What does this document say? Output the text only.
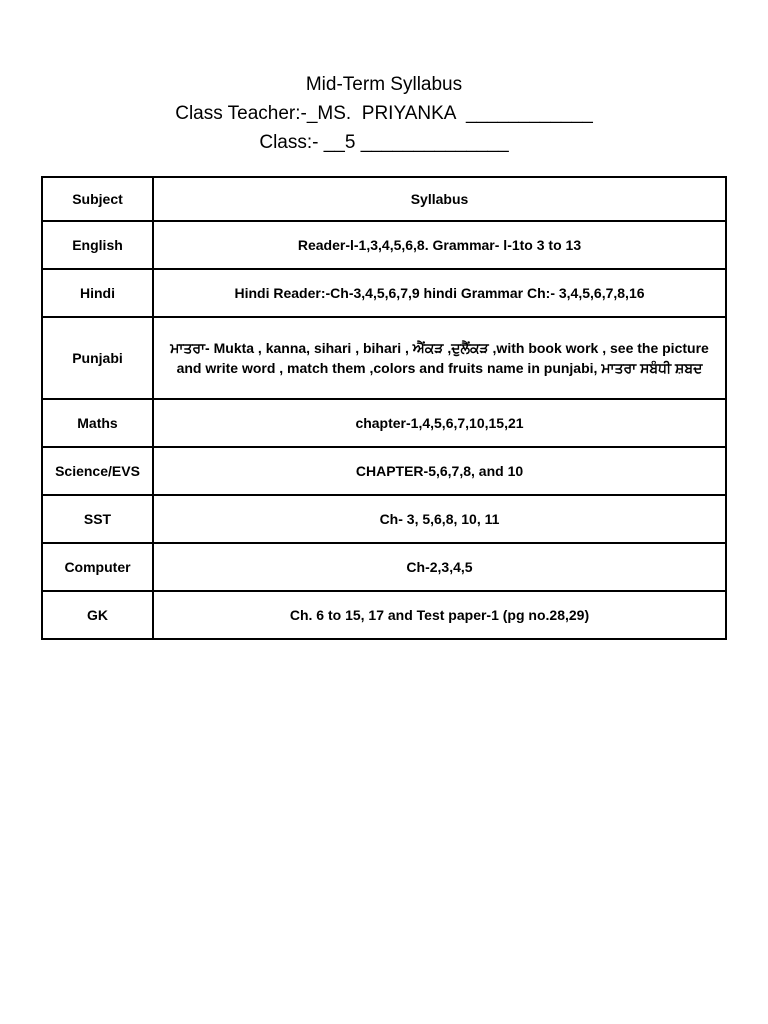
Mid-Term Syllabus
Class Teacher:-_MS.  PRIYANKA  ____________
Class:- __5 ______________
Subject	Syllabus
English	Reader-l-1,3,4,5,6,8. Grammar- l-1to 3 to 13
Hindi	Hindi Reader:-Ch-3,4,5,6,7,9 hindi Grammar Ch:- 3,4,5,6,7,8,16
Punjabi	ਮਾਤਰਾ- Mukta , kanna, sihari , bihari , ਐਂਕੜ ,ਦੁਲੈਂਕੜ ,with book work , see the picture and write word , match them ,colors and fruits name in punjabi, ਮਾਤਰਾ ਸਬੰਧੀ ਸ਼ਬਦ
Maths	chapter-1,4,5,6,7,10,15,21
Science/EVS	CHAPTER-5,6,7,8, and 10
SST	Ch- 3, 5,6,8, 10, 11
Computer	Ch-2,3,4,5
GK	Ch. 6 to 15, 17 and Test paper-1 (pg no.28,29)
